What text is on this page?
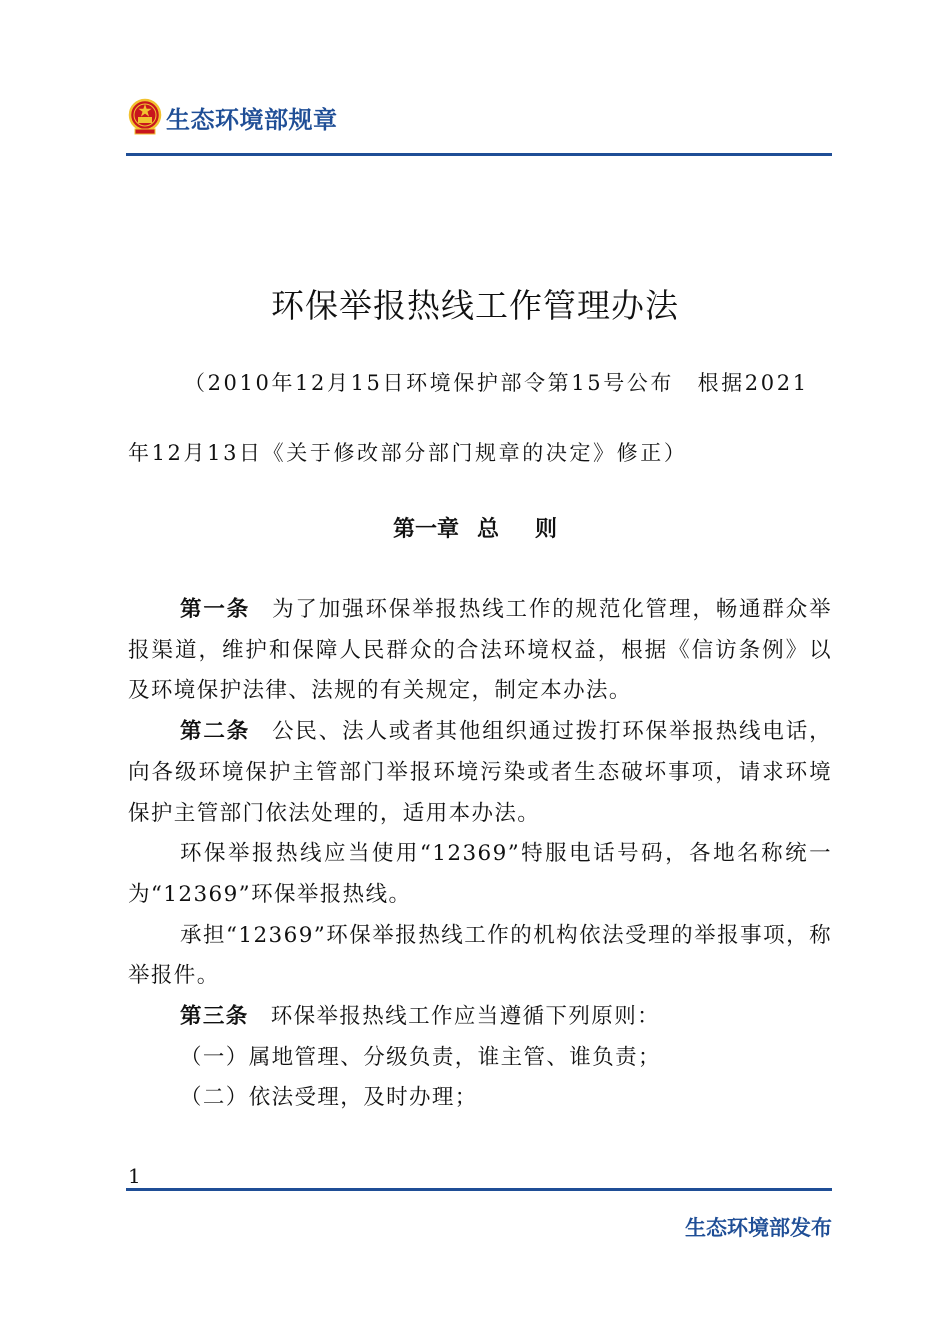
生态环境部规章
环保举报热线工作管理办法
（2010年12月15日环境保护部令第15号公布　根据2021年12月13日《关于修改部分部门规章的决定》修正）
第一章 总 则

第一条 为了加强环保举报热线工作的规范化管理，畅通群众举报渠道，维护和保障人民群众的合法环境权益，根据《信访条例》以及环境保护法律、法规的有关规定，制定本办法。

第二条 公民、法人或者其他组织通过拨打环保举报热线电话，向各级环境保护主管部门举报环境污染或者生态破坏事项，请求环境保护主管部门依法处理的，适用本办法。

环保举报热线应当使用“12369”特服电话号码，各地名称统一为“12369”环保举报热线。

承担“12369”环保举报热线工作的机构依法受理的举报事项，称举报件。

第三条 环保举报热线工作应当遵循下列原则：

（一）属地管理、分级负责，谁主管、谁负责；

（二）依法受理，及时办理；

1
生态环境部发布
